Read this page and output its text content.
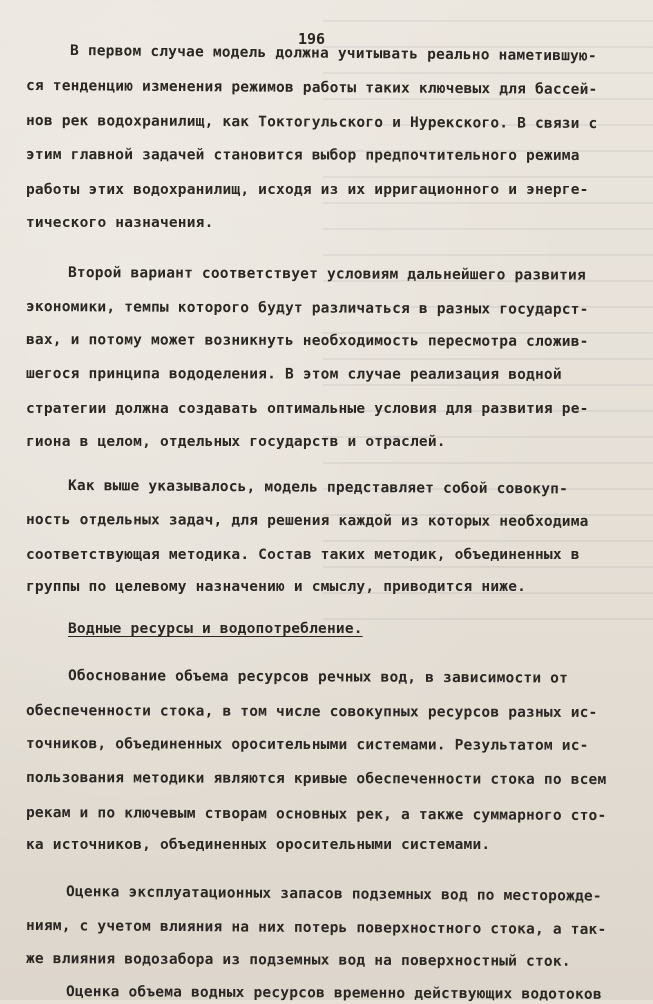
196
В первом случае модель должна учитывать реально наметившую-
ся тенденцию изменения режимов работы таких ключевых для бассей-
нов рек водохранилищ, как Токтогульского и Нурекского. В связи с
этим главной задачей становится выбор предпочтительного режима
работы этих водохранилищ, исходя из их ирригационного и энерге-
тического назначения.
Второй вариант соответствует условиям дальнейшего развития
экономики, темпы которого будут различаться в разных государст-
вах, и потому может возникнуть необходимость пересмотра сложив-
шегося принципа вододеления. В этом случае реализация водной
стратегии должна создавать оптимальные условия для развития ре-
гиона в целом, отдельных государств и отраслей.
Как выше указывалось, модель представляет собой совокуп-
ность отдельных задач, для решения каждой из которых необходима
соответствующая методика. Состав таких методик, объединенных в
группы по целевому назначению и смыслу, приводится ниже.
Водные ресурсы и водопотребление.
Обоснование объема ресурсов речных вод, в зависимости от
обеспеченности стока, в том числе совокупных ресурсов разных ис-
точников, объединенных оросительными системами. Результатом ис-
пользования методики являются кривые обеспеченности стока по всем
рекам и по ключевым створам основных рек, а также суммарного сто-
ка источников, объединенных оросительными системами.
Оценка эксплуатационных запасов подземных вод по месторожде-
ниям, с учетом влияния на них потерь поверхностного стока, а так-
же влияния водозабора из подземных вод на поверхностный сток.
Оценка объема водных ресурсов временно действующих водотоков
